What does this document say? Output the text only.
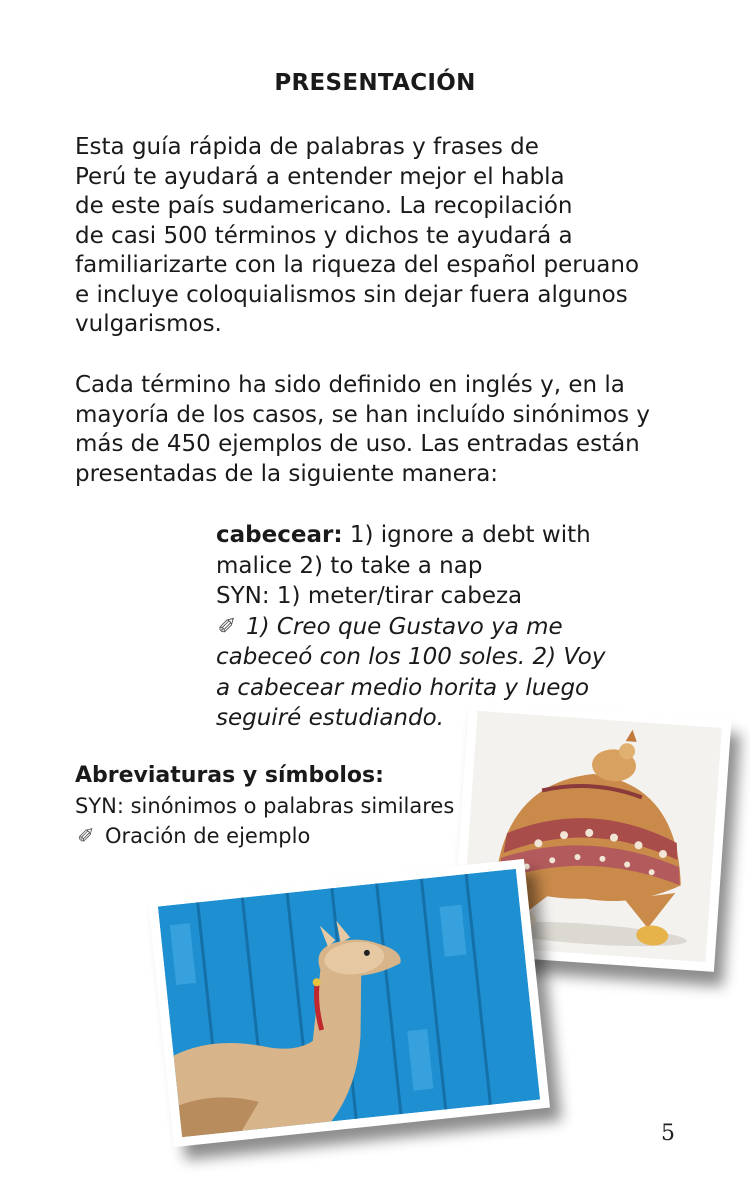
PRESENTACIÓN
Esta guía rápida de palabras y frases de
Perú te ayudará a entender mejor el habla
de este país sudamericano. La recopilación
de casi 500 términos y dichos te ayudará a
familiarizarte con la riqueza del español peruano
e incluye coloquialismos sin dejar fuera algunos
vulgarismos.
Cada término ha sido definido en inglés y, en la
mayoría de los casos, se han incluído sinónimos y
más de 450 ejemplos de uso. Las entradas están
presentadas de la siguiente manera:
cabecear: 1) ignore a debt with
malice 2) to take a nap
SYN: 1) meter/tirar cabeza
✐ 1) Creo que Gustavo ya me
cabeceó con los 100 soles. 2) Voy
a cabecear medio horita y luego
seguiré estudiando.
Abreviaturas y símbolos:
SYN: sinónimos o palabras similares
✐ Oración de ejemplo
5
